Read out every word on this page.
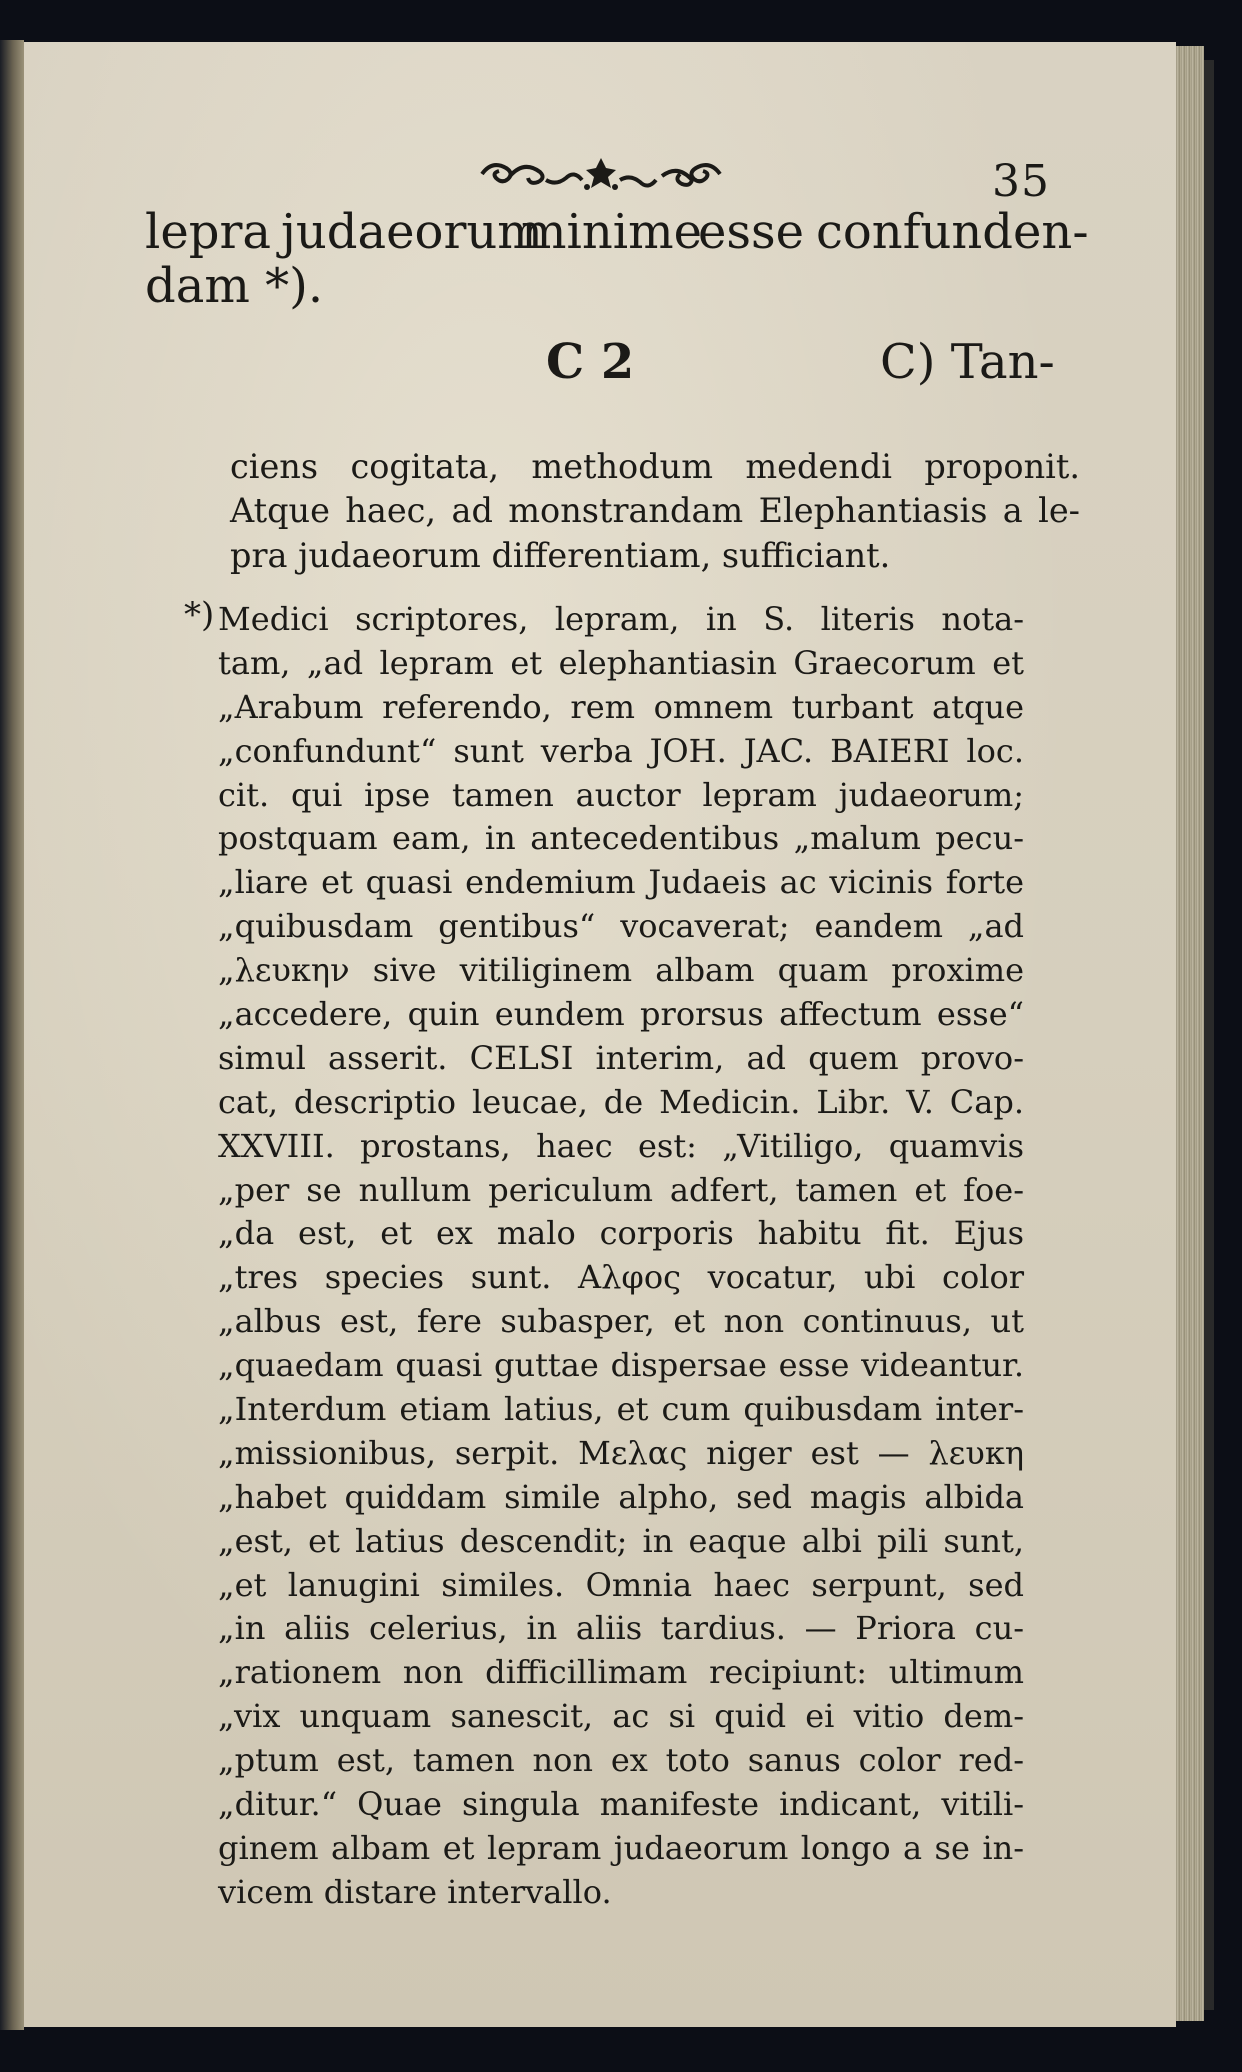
35
lepra judaeorum
minime
esse confunden-
dam *).
C 2	C) Tan-
ciens cogitata, methodum medendi proponit.
Atque haec, ad monstrandam Elephantiasis a le-
pra judaeorum differentiam, sufficiant.
*) Medici scriptores, lepram, in S. literis nota-
tam, „ad lepram et elephantiasin Graecorum et
„Arabum referendo, rem omnem turbant atque
„confundunt“ sunt verba JOH. JAC. BAIERI loc.
cit. qui ipse tamen auctor lepram judaeorum;
postquam eam, in antecedentibus „malum pecu-
„liare et quasi endemium Judaeis ac vicinis forte
„quibusdam gentibus“ vocaverat; eandem „ad
„λευκην sive vitiliginem albam quam proxime
„accedere, quin eundem prorsus affectum esse“
simul asserit. CELSI interim, ad quem provo-
cat, descriptio leucae, de Medicin. Libr. V. Cap.
XXVIII. prostans, haec est: „Vitiligo, quamvis
„per se nullum periculum adfert, tamen et foe-
„da est, et ex malo corporis habitu fit. Ejus
„tres species sunt. Αλφος vocatur, ubi color
„albus est, fere subasper, et non continuus, ut
„quaedam quasi guttae dispersae esse videantur.
„Interdum etiam latius, et cum quibusdam inter-
„missionibus, serpit. Μελας niger est — λευκη
„habet quiddam simile alpho, sed magis albida
„est, et latius descendit; in eaque albi pili sunt,
„et lanugini similes. Omnia haec serpunt, sed
„in aliis celerius, in aliis tardius. — Priora cu-
„rationem non difficillimam recipiunt: ultimum
„vix unquam sanescit, ac si quid ei vitio dem-
„ptum est, tamen non ex toto sanus color red-
„ditur.“ Quae singula manifeste indicant, vitili-
ginem albam et lepram judaeorum longo a se in-
vicem distare intervallo.
